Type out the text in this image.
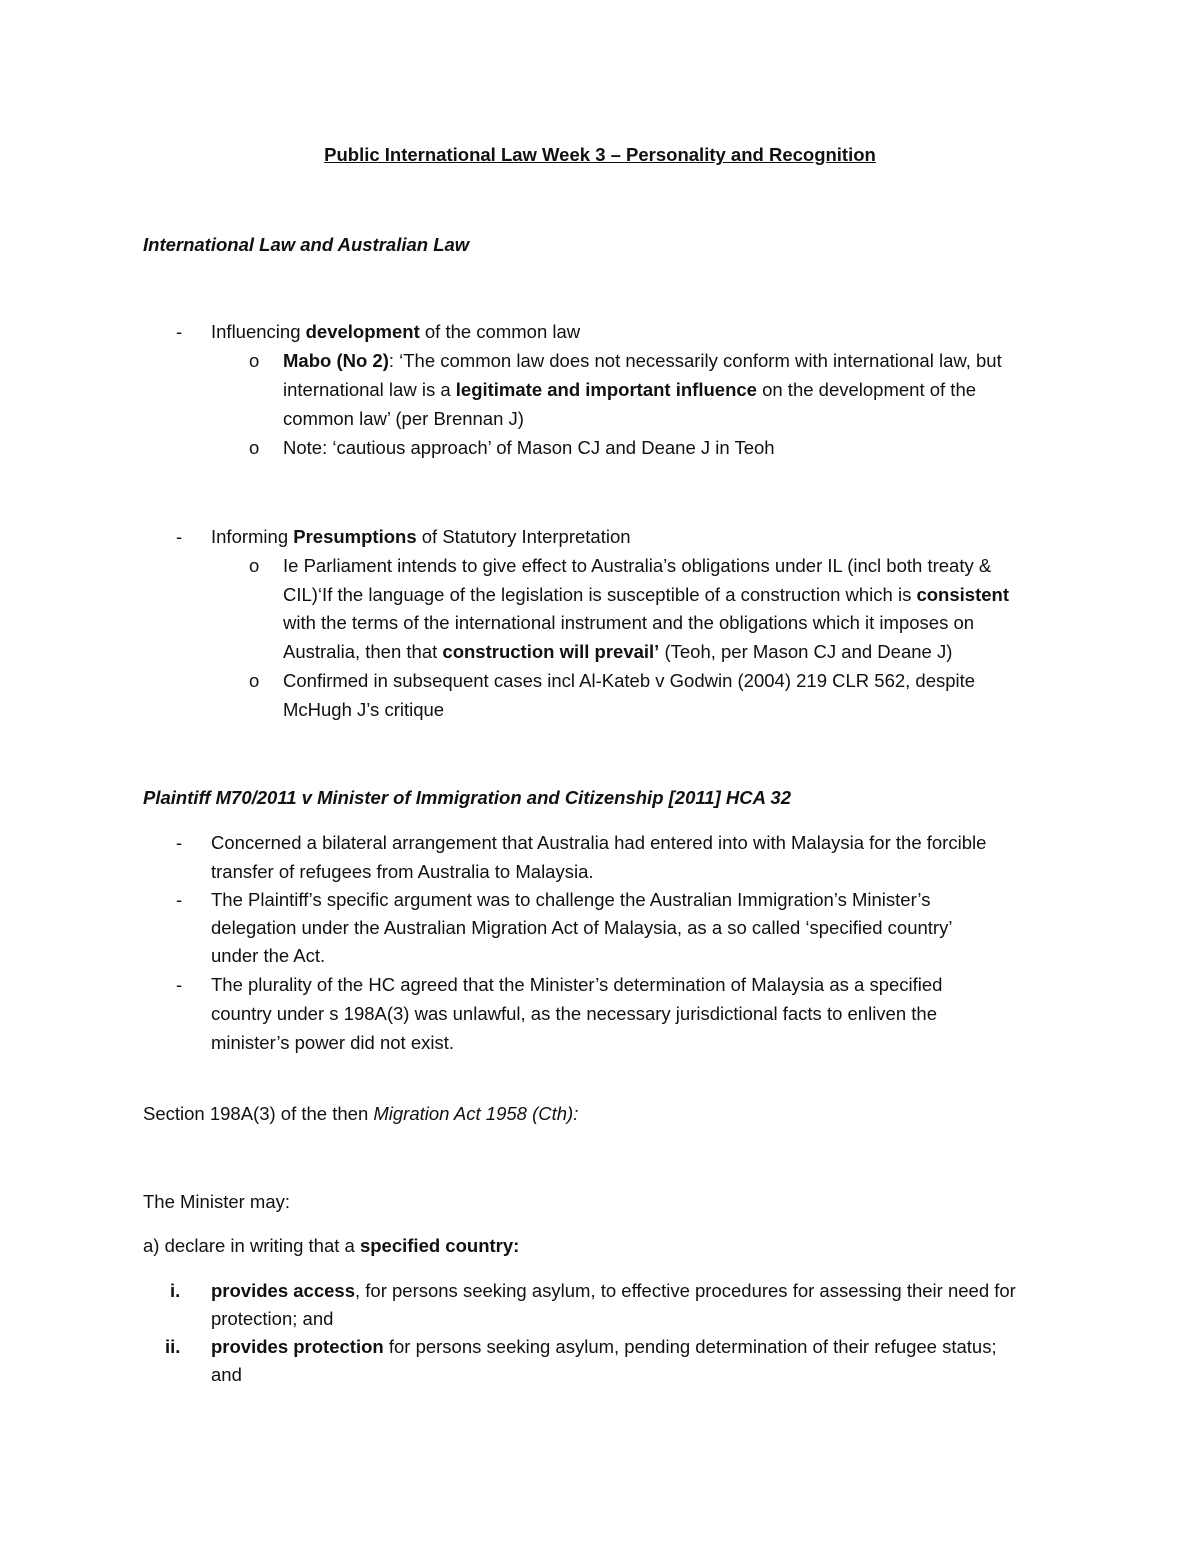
Public International Law Week 3 – Personality and Recognition
International Law and Australian Law
- Influencing development of the common law
o Mabo (No 2): ‘The common law does not necessarily conform with international law, but
international law is a legitimate and important influence on the development of the
common law’ (per Brennan J)
o Note: ‘cautious approach’ of Mason CJ and Deane J in Teoh
- Informing Presumptions of Statutory Interpretation
o Ie Parliament intends to give effect to Australia’s obligations under IL (incl both treaty &
CIL)‘If the language of the legislation is susceptible of a construction which is consistent
with the terms of the international instrument and the obligations which it imposes on
Australia, then that construction will prevail’ (Teoh, per Mason CJ and Deane J)
o Confirmed in subsequent cases incl Al-Kateb v Godwin (2004) 219 CLR 562, despite
McHugh J’s critique
Plaintiff M70/2011 v Minister of Immigration and Citizenship [2011] HCA 32
- Concerned a bilateral arrangement that Australia had entered into with Malaysia for the forcible
transfer of refugees from Australia to Malaysia.
- The Plaintiff’s specific argument was to challenge the Australian Immigration’s Minister’s
delegation under the Australian Migration Act of Malaysia, as a so called ‘specified country’
under the Act.
- The plurality of the HC agreed that the Minister’s determination of Malaysia as a specified
country under s 198A(3) was unlawful, as the necessary jurisdictional facts to enliven the
minister’s power did not exist.
Section 198A(3) of the then Migration Act 1958 (Cth):
The Minister may:
a) declare in writing that a specified country:
i. provides access, for persons seeking asylum, to effective procedures for assessing their need for
protection; and
ii. provides protection for persons seeking asylum, pending determination of their refugee status;
and
